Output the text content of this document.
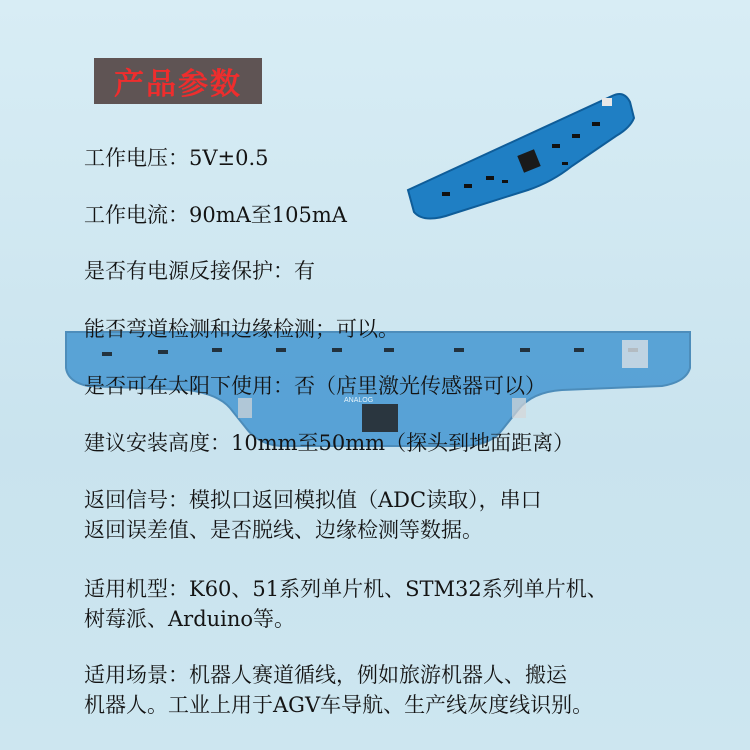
ANALOG
产品参数
工作电压：5V±0.5
工作电流：90mA至105mA
是否有电源反接保护：有
能否弯道检测和边缘检测；可以。
是否可在太阳下使用：否（店里激光传感器可以）
建议安装高度：10mm至50mm（探头到地面距离）
返回信号：模拟口返回模拟值（ADC读取），串口
返回误差值、是否脱线、边缘检测等数据。
适用机型：K60、51系列单片机、STM32系列单片机、
树莓派、Arduino等。
适用场景：机器人赛道循线，例如旅游机器人、搬运
机器人。工业上用于AGV车导航、生产线灰度线识别。
